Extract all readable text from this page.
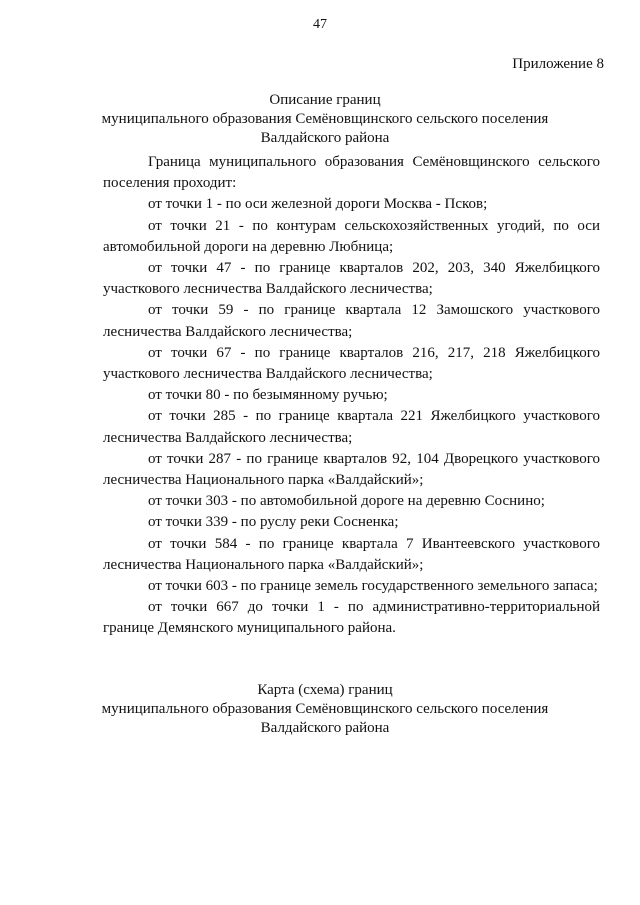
47
Приложение 8
Описание границ
муниципального образования Семёновщинского сельского поселения
Валдайского района

Граница муниципального образования Семёновщинского сельского поселения проходит:

от точки 1 - по оси железной дороги Москва - Псков;

от точки 21 - по контурам сельскохозяйственных угодий, по оси автомобильной дороги на деревню Любница;

от точки 47 - по границе кварталов 202, 203, 340 Яжелбицкого участкового лесничества Валдайского лесничества;

от точки 59 - по границе квартала 12 Замошского участкового лесничества Валдайского лесничества;

от точки 67 - по границе кварталов 216, 217, 218 Яжелбицкого участкового лесничества Валдайского лесничества;

от точки 80 - по безымянному ручью;

от точки 285 - по границе квартала 221 Яжелбицкого участкового лесничества Валдайского лесничества;

от точки 287 - по границе кварталов 92, 104 Дворецкого участкового лесничества Национального парка «Валдайский»;

от точки 303 - по автомобильной дороге на деревню Соснино;

от точки 339 - по руслу реки Сосненка;

от точки 584 - по границе квартала 7 Ивантеевского участкового лесничества Национального парка «Валдайский»;

от точки 603 - по границе земель государственного земельного запаса;

от точки 667 до точки 1 - по административно-территориальной границе Демянского муниципального района.

Карта (схема) границ
муниципального образования Семёновщинского сельского поселения
Валдайского района
